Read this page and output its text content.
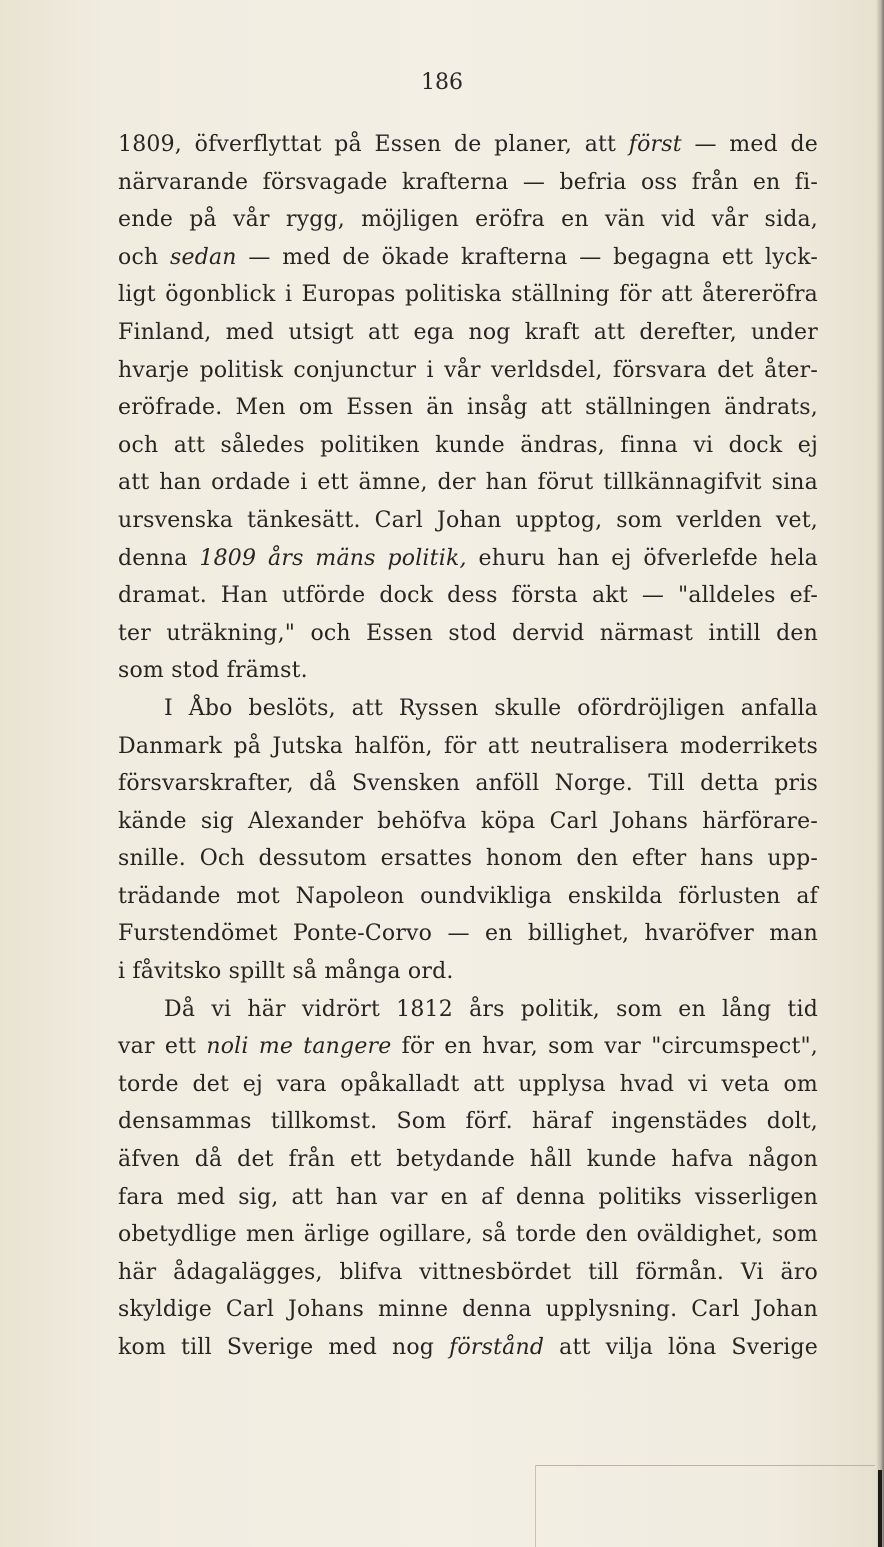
186
1809, öfverflyttat på Essen de planer, att först — med de
närvarande försvagade krafterna — befria oss från en fi-
ende på vår rygg, möjligen eröfra en vän vid vår sida,
och sedan — med de ökade krafterna — begagna ett lyck-
ligt ögonblick i Europas politiska ställning för att återeröfra
Finland, med utsigt att ega nog kraft att derefter, under
hvarje politisk conjunctur i vår verldsdel, försvara det åter-
eröfrade. Men om Essen än insåg att ställningen ändrats,
och att således politiken kunde ändras, finna vi dock ej
att han ordade i ett ämne, der han förut tillkännagifvit sina
ursvenska tänkesätt. Carl Johan upptog, som verlden vet,
denna 1809 års mäns politik, ehuru han ej öfverlefde hela
dramat. Han utförde dock dess första akt — "alldeles ef-
ter uträkning," och Essen stod dervid närmast intill den
som stod främst.
I Åbo beslöts, att Ryssen skulle ofördröjligen anfalla
Danmark på Jutska halfön, för att neutralisera moderrikets
försvarskrafter, då Svensken anföll Norge. Till detta pris
kände sig Alexander behöfva köpa Carl Johans härförare-
snille. Och dessutom ersattes honom den efter hans upp-
trädande mot Napoleon oundvikliga enskilda förlusten af
Furstendömet Ponte-Corvo — en billighet, hvaröfver man
i fåvitsko spillt så många ord.
Då vi här vidrört 1812 års politik, som en lång tid
var ett noli me tangere för en hvar, som var "circumspect",
torde det ej vara opåkalladt att upplysa hvad vi veta om
densammas tillkomst. Som förf. häraf ingenstädes dolt,
äfven då det från ett betydande håll kunde hafva någon
fara med sig, att han var en af denna politiks visserligen
obetydlige men ärlige ogillare, så torde den oväldighet, som
här ådagalägges, blifva vittnesbördet till förmån. Vi äro
skyldige Carl Johans minne denna upplysning. Carl Johan
kom till Sverige med nog förstånd att vilja löna Sverige
